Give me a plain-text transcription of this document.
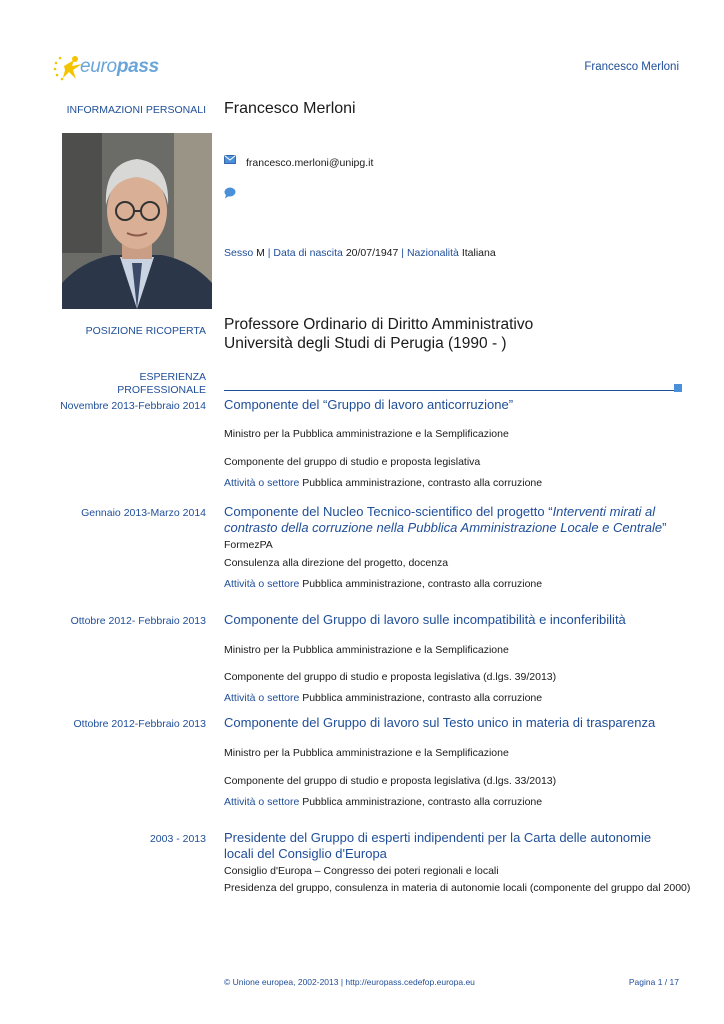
europass	Francesco Merloni
INFORMAZIONI PERSONALI Francesco Merloni
francesco.merloni@unipg.it
Sesso M | Data di nascita 20/07/1947 | Nazionalità Italiana
POSIZIONE RICOPERTA Professore Ordinario di Diritto Amministrativo
Università degli Studi di Perugia (1990 - )
ESPERIENZA
PROFESSIONALE
Novembre 2013-Febbraio 2014 Componente del “Gruppo di lavoro anticorruzione”
Ministro per la Pubblica amministrazione e la Semplificazione
Componente del gruppo di studio e proposta legislativa
Attività o settore Pubblica amministrazione, contrasto alla corruzione
Gennaio 2013-Marzo 2014 Componente del Nucleo Tecnico-scientifico del progetto “Interventi mirati al contrasto della corruzione nella Pubblica Amministrazione Locale e Centrale”
FormezPA
Consulenza alla direzione del progetto, docenza
Attività o settore Pubblica amministrazione, contrasto alla corruzione
Ottobre 2012- Febbraio 2013 Componente del Gruppo di lavoro sulle incompatibilità e inconferibilità
Ministro per la Pubblica amministrazione e la Semplificazione
Componente del gruppo di studio e proposta legislativa (d.lgs. 39/2013)
Attività o settore Pubblica amministrazione, contrasto alla corruzione
Ottobre 2012-Febbraio 2013 Componente del Gruppo di lavoro sul Testo unico in materia di trasparenza
Ministro per la Pubblica amministrazione e la Semplificazione
Componente del gruppo di studio e proposta legislativa (d.lgs. 33/2013)
Attività o settore Pubblica amministrazione, contrasto alla corruzione
2003 - 2013 Presidente del Gruppo di esperti indipendenti per la Carta delle autonomie locali del Consiglio d'Europa
Consiglio d'Europa – Congresso dei poteri regionali e locali
Presidenza del gruppo, consulenza in materia di autonomie locali (componente del gruppo dal 2000)
© Unione europea, 2002-2013 | http://europass.cedefop.europa.eu	Pagina 1 / 17
